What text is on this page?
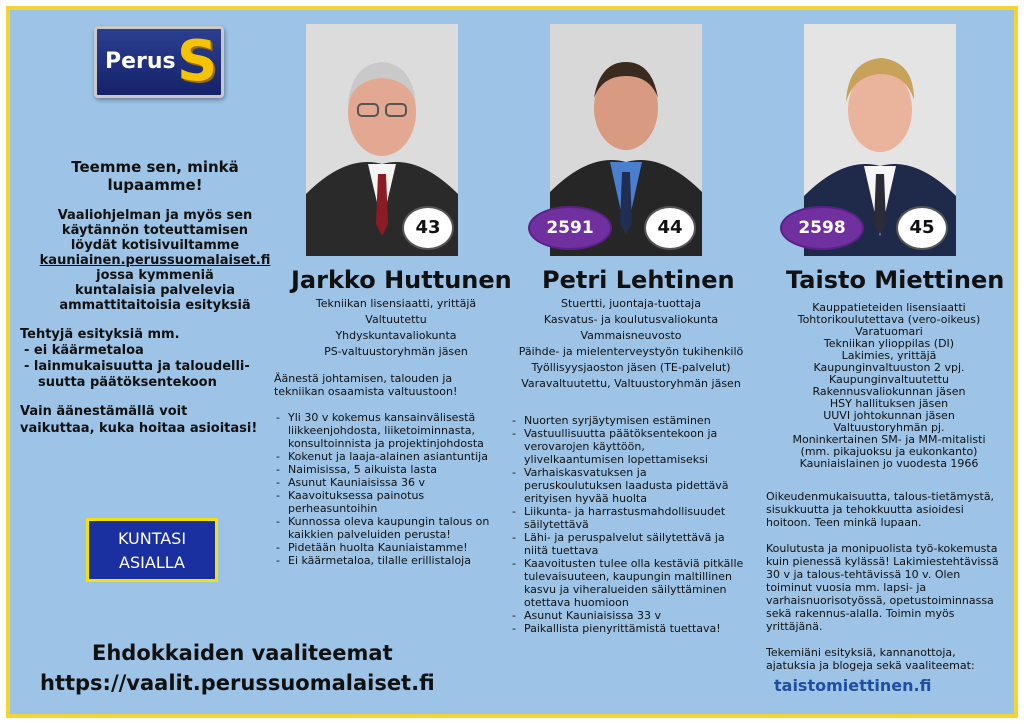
Perus S
Teemme sen, minkä
lupaamme!
Vaaliohjelman ja myös sen
käytännön toteuttamisen
löydät kotisivuiltamme
kauniainen.perussuomalaiset.fi
jossa kymmeniä
kuntalaisia palvelevia
ammattitaitoisia esityksiä
Tehtyjä esityksiä mm.
- ei käärmetaloa
- lainmukaisuutta ja taloudelli-
suutta päätöksentekoon
Vain äänestämällä voit
vaikuttaa, kuka hoitaa asioitasi!
KUNTASI
ASIALLA
Ehdokkaiden vaaliteemat
https://vaalit.perussuomalaiset.fi
43
Jarkko Huttunen
Tekniikan lisensiaatti, yrittäjä
Valtuutettu
Yhdyskuntavaliokunta
PS-valtuustoryhmän jäsen

Äänestä johtamisen, talouden ja tekniikan osaamista valtuustoon!

- Yli 30 v kokemus kansainvälisestä liikkeenjohdosta, liiketoiminnasta, konsultoinnista ja projektinjohdosta
- Kokenut ja laaja-alainen asiantuntija
- Naimisissa, 5 aikuista lasta
- Asunut Kauniaisissa 36 v
- Kaavoituksessa painotus perheasuntoihin
- Kunnossa oleva kaupungin talous on kaikkien palveluiden perusta!
- Pidetään huolta Kauniaistamme!
- Ei käärmetaloa, tilalle erillistaloja
2591	44
Petri Lehtinen
Stuertti, juontaja-tuottaja
Kasvatus- ja koulutusvaliokunta
Vammaisneuvosto
Päihde- ja mielenterveystyön tukihenkilö
Työllisyysjaoston jäsen (TE-palvelut)
Varavaltuutettu, Valtuustoryhmän jäsen
- Nuorten syrjäytymisen estäminen
- Vastuullisuutta päätöksentekoon ja verovarojen käyttöön, ylivelkaantumisen lopettamiseksi
- Varhaiskasvatuksen ja peruskoulutuksen laadusta pidettävä erityisen hyvää huolta
- Liikunta- ja harrastusmahdollisuudet säilytettävä
- Lähi- ja peruspalvelut säilytettävä ja niitä tuettava
- Kaavoitusten tulee olla kestäviä pitkälle tulevaisuuteen, kaupungin maltillinen kasvu ja viheralueiden säilyttäminen otettava huomioon
- Asunut Kauniaisissa 33 v
- Paikallista pienyrittämistä tuettava!
2598	45
Taisto Miettinen
Kauppatieteiden lisensiaatti
Tohtorikoulutettava (vero-oikeus)
Varatuomari
Tekniikan ylioppilas (DI)
Lakimies, yrittäjä
Kaupunginvaltuuston 2 vpj.
Kaupunginvaltuutettu
Rakennusvaliokunnan jäsen
HSY hallituksen jäsen
UUVI johtokunnan jäsen
Valtuustoryhmän pj.
Moninkertainen SM- ja MM-mitalisti
(mm. pikajuoksu ja eukonkanto)
Kauniaislainen jo vuodesta 1966

Oikeudenmukaisuutta, talous-tietämystä, sisukkuutta ja tehokkuutta asioidesi hoitoon. Teen minkä lupaan.

Koulutusta ja monipuolista työ-kokemusta kuin pienessä kylässä! Lakimiestehtävissä 30 v ja talous-tehtävissä 10 v. Olen toiminut vuosia mm. lapsi- ja varhaisnuorisotyössä, opetustoiminnassa sekä rakennus-alalla. Toimin myös yrittäjänä.

Tekemiäni esityksiä, kannanottoja, ajatuksia ja blogeja sekä vaaliteemat:

taistomiettinen.fi
